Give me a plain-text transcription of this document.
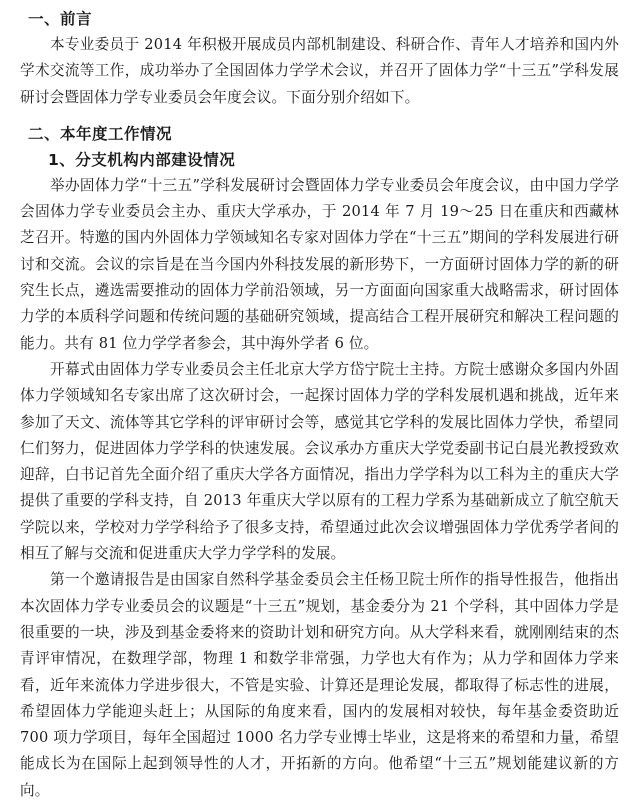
一、前言

本专业委员于 2014 年积极开展成员内部机制建设、科研合作、青年人才培养和国内外学术交流等工作，成功举办了全国固体力学学术会议，并召开了固体力学“十三五”学科发展研讨会暨固体力学专业委员会年度会议。下面分别介绍如下。

二、本年度工作情况
1、分支机构内部建设情况

举办固体力学“十三五”学科发展研讨会暨固体力学专业委员会年度会议，由中国力学学会固体力学专业委员会主办、重庆大学承办，于 2014 年 7 月 19～25 日在重庆和西藏林芝召开。特邀的国内外固体力学领域知名专家对固体力学在“十三五”期间的学科发展进行研讨和交流。会议的宗旨是在当今国内外科技发展的新形势下，一方面研讨固体力学的新的研究生长点，遴选需要推动的固体力学前沿领域，另一方面面向国家重大战略需求，研讨固体力学的本质科学问题和传统问题的基础研究领域，提高结合工程开展研究和解决工程问题的能力。共有 81 位力学学者参会，其中海外学者 6 位。

开幕式由固体力学专业委员会主任北京大学方岱宁院士主持。方院士感谢众多国内外固体力学领域知名专家出席了这次研讨会，一起探讨固体力学的学科发展机遇和挑战，近年来参加了天文、流体等其它学科的评审研讨会等，感觉其它学科的发展比固体力学快，希望同仁们努力，促进固体力学学科的快速发展。会议承办方重庆大学党委副书记白晨光教授致欢迎辞，白书记首先全面介绍了重庆大学各方面情况，指出力学学科为以工科为主的重庆大学提供了重要的学科支持，自 2013 年重庆大学以原有的工程力学系为基础新成立了航空航天学院以来，学校对力学学科给予了很多支持，希望通过此次会议增强固体力学优秀学者间的相互了解与交流和促进重庆大学力学学科的发展。

第一个邀请报告是由国家自然科学基金委员会主任杨卫院士所作的指导性报告，他指出本次固体力学专业委员会的议题是“十三五”规划，基金委分为 21 个学科，其中固体力学是很重要的一块，涉及到基金委将来的资助计划和研究方向。从大学科来看，就刚刚结束的杰青评审情况，在数理学部，物理 1 和数学非常强，力学也大有作为；从力学和固体力学来看，近年来流体力学进步很大，不管是实验、计算还是理论发展，都取得了标志性的进展，希望固体力学能迎头赶上；从国际的角度来看，国内的发展相对较快，每年基金委资助近 700 项力学项目，每年全国超过 1000 名力学专业博士毕业，这是将来的希望和力量，希望能成长为在国际上起到领导性的人才，开拓新的方向。他希望“十三五”规划能建议新的方向。
